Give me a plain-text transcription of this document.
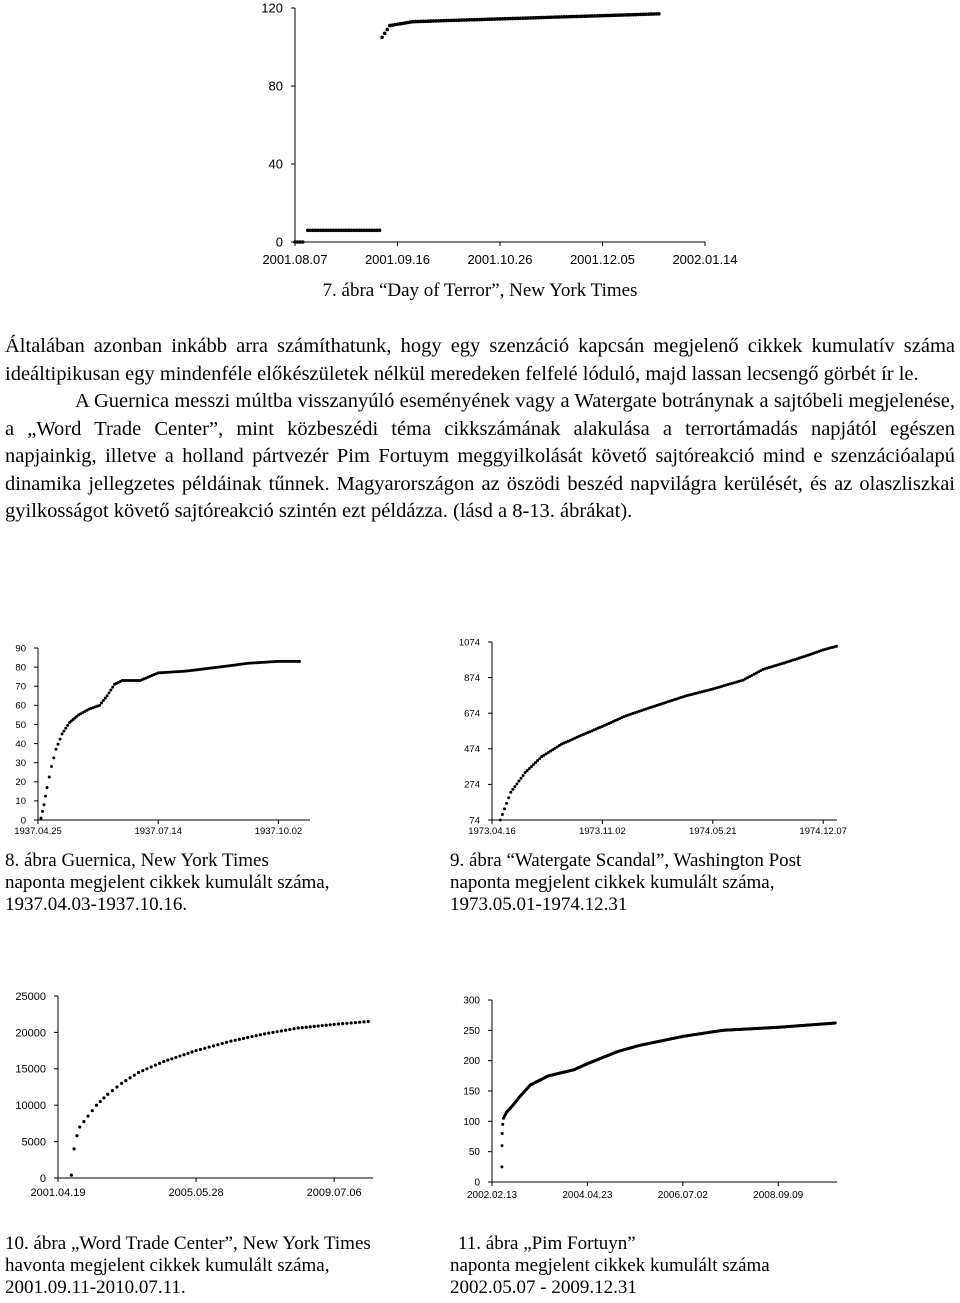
0
40
80
120
2001.08.07	2001.09.16	2001.10.26	2001.12.05	2002.01.14
7. ábra “Day of Terror”, New York Times

Általában azonban inkább arra számíthatunk, hogy egy szenzáció kapcsán megjelenő cikkek kumulatív száma ideáltipikusan egy mindenféle előkészületek nélkül meredeken felfelé lóduló, majd lassan lecsengő görbét ír le.

A Guernica messzi múltba visszanyúló eseményének vagy a Watergate botránynak a sajtóbeli megjelenése, a „Word Trade Center”, mint közbeszédi téma cikkszámának alakulása a terrortámadás napjától egészen napjainkig, illetve a holland pártvezér Pim Fortuym meggyilkolását követő sajtóreakció mind e szenzációalapú dinamika jellegzetes példáinak tűnnek. Magyarországon az öszödi beszéd napvilágra kerülését, és az olaszliszkai gyilkosságot követő sajtóreakció szintén ezt példázza. (lásd a 8-13. ábrákat).

0
10
20
30
40
50
60
70
80
90
1937.04.25	1937.07.14	1937.10.02
8. ábra Guernica, New York Times
naponta megjelent cikkek kumulált száma,
1937.04.03-1937.10.16.
74
274
474
674
874
1074
1973.04.16	1973.11.02	1974.05.21	1974.12.07
9. ábra “Watergate Scandal”, Washington Post
naponta megjelent cikkek kumulált száma,
1973.05.01-1974.12.31
0
5000
10000
15000
20000
25000
2001.04.19	2005.05.28	2009.07.06
10. ábra „Word Trade Center”, New York Times
havonta megjelent cikkek kumulált száma,
2001.09.11-2010.07.11.
0
50
100
150
200
250
300
2002.02.13	2004.04.23	2006.07.02	2008.09.09
11. ábra „Pim Fortuyn”
naponta megjelent cikkek kumulált száma
2002.05.07 - 2009.12.31
